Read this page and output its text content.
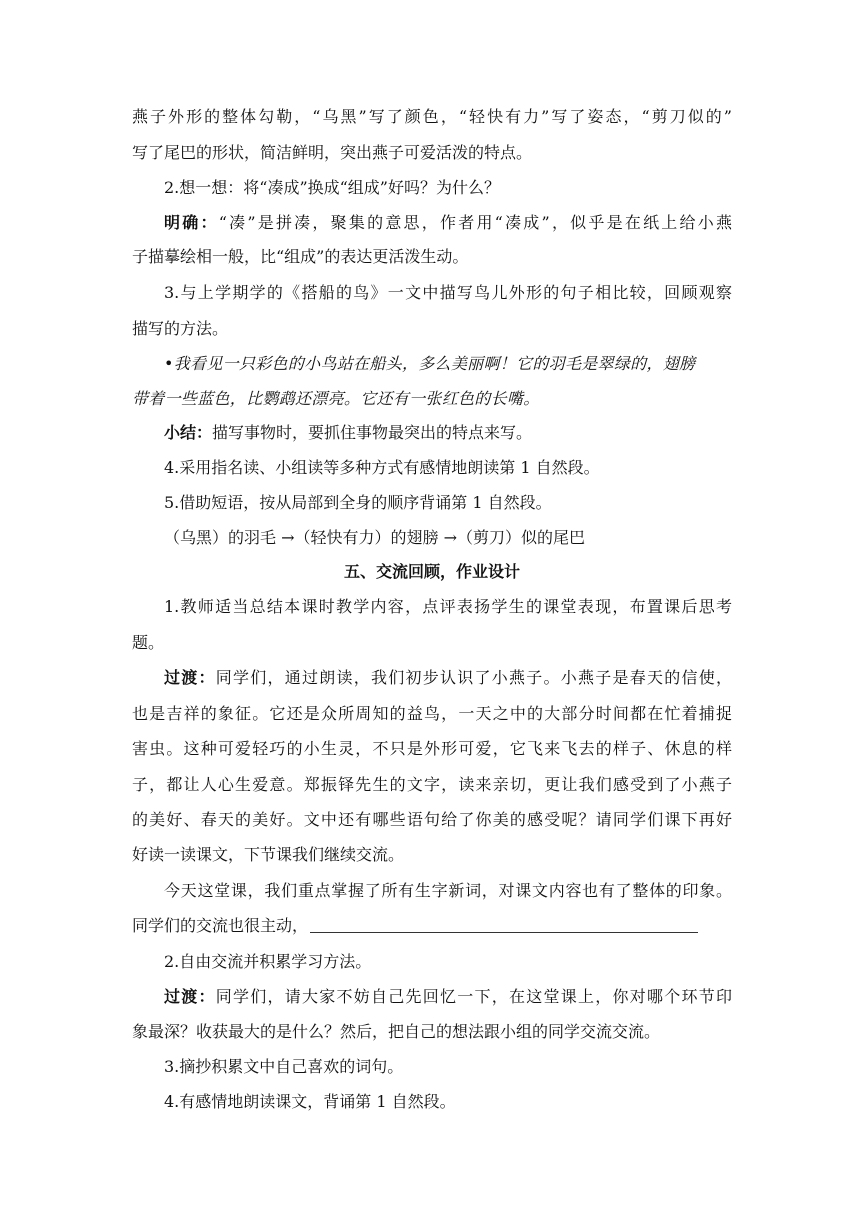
燕子外形的整体勾勒，“乌黑”写了颜色，“轻快有力”写了姿态，“剪刀似的”
写了尾巴的形状，简洁鲜明，突出燕子可爱活泼的特点。
2.想一想：将“凑成”换成“组成”好吗？为什么？
明确：“凑”是拼凑，聚集的意思，作者用“凑成”，似乎是在纸上给小燕
子描摹绘相一般，比“组成”的表达更活泼生动。
3.与上学期学的《搭船的鸟》一文中描写鸟儿外形的句子相比较，回顾观察
描写的方法。
•我看见一只彩色的小鸟站在船头，多么美丽啊！它的羽毛是翠绿的，翅膀
带着一些蓝色，比鹦鹉还漂亮。它还有一张红色的长嘴。
小结：描写事物时，要抓住事物最突出的特点来写。
4.采用指名读、小组读等多种方式有感情地朗读第 1 自然段。
5.借助短语，按从局部到全身的顺序背诵第 1 自然段。
（乌黑）的羽毛 →（轻快有力）的翅膀 →（剪刀）似的尾巴
五、交流回顾，作业设计
1.教师适当总结本课时教学内容，点评表扬学生的课堂表现，布置课后思考
题。
过渡：同学们，通过朗读，我们初步认识了小燕子。小燕子是春天的信使，
也是吉祥的象征。它还是众所周知的益鸟，一天之中的大部分时间都在忙着捕捉
害虫。这种可爱轻巧的小生灵，不只是外形可爱，它飞来飞去的样子、休息的样
子，都让人心生爱意。郑振铎先生的文字，读来亲切，更让我们感受到了小燕子
的美好、春天的美好。文中还有哪些语句给了你美的感受呢？请同学们课下再好
好读一读课文，下节课我们继续交流。
今天这堂课，我们重点掌握了所有生字新词，对课文内容也有了整体的印象。
同学们的交流也很主动，
2.自由交流并积累学习方法。
过渡：同学们，请大家不妨自己先回忆一下，在这堂课上，你对哪个环节印
象最深？收获最大的是什么？然后，把自己的想法跟小组的同学交流交流。
3.摘抄积累文中自己喜欢的词句。
4.有感情地朗读课文，背诵第 1 自然段。
